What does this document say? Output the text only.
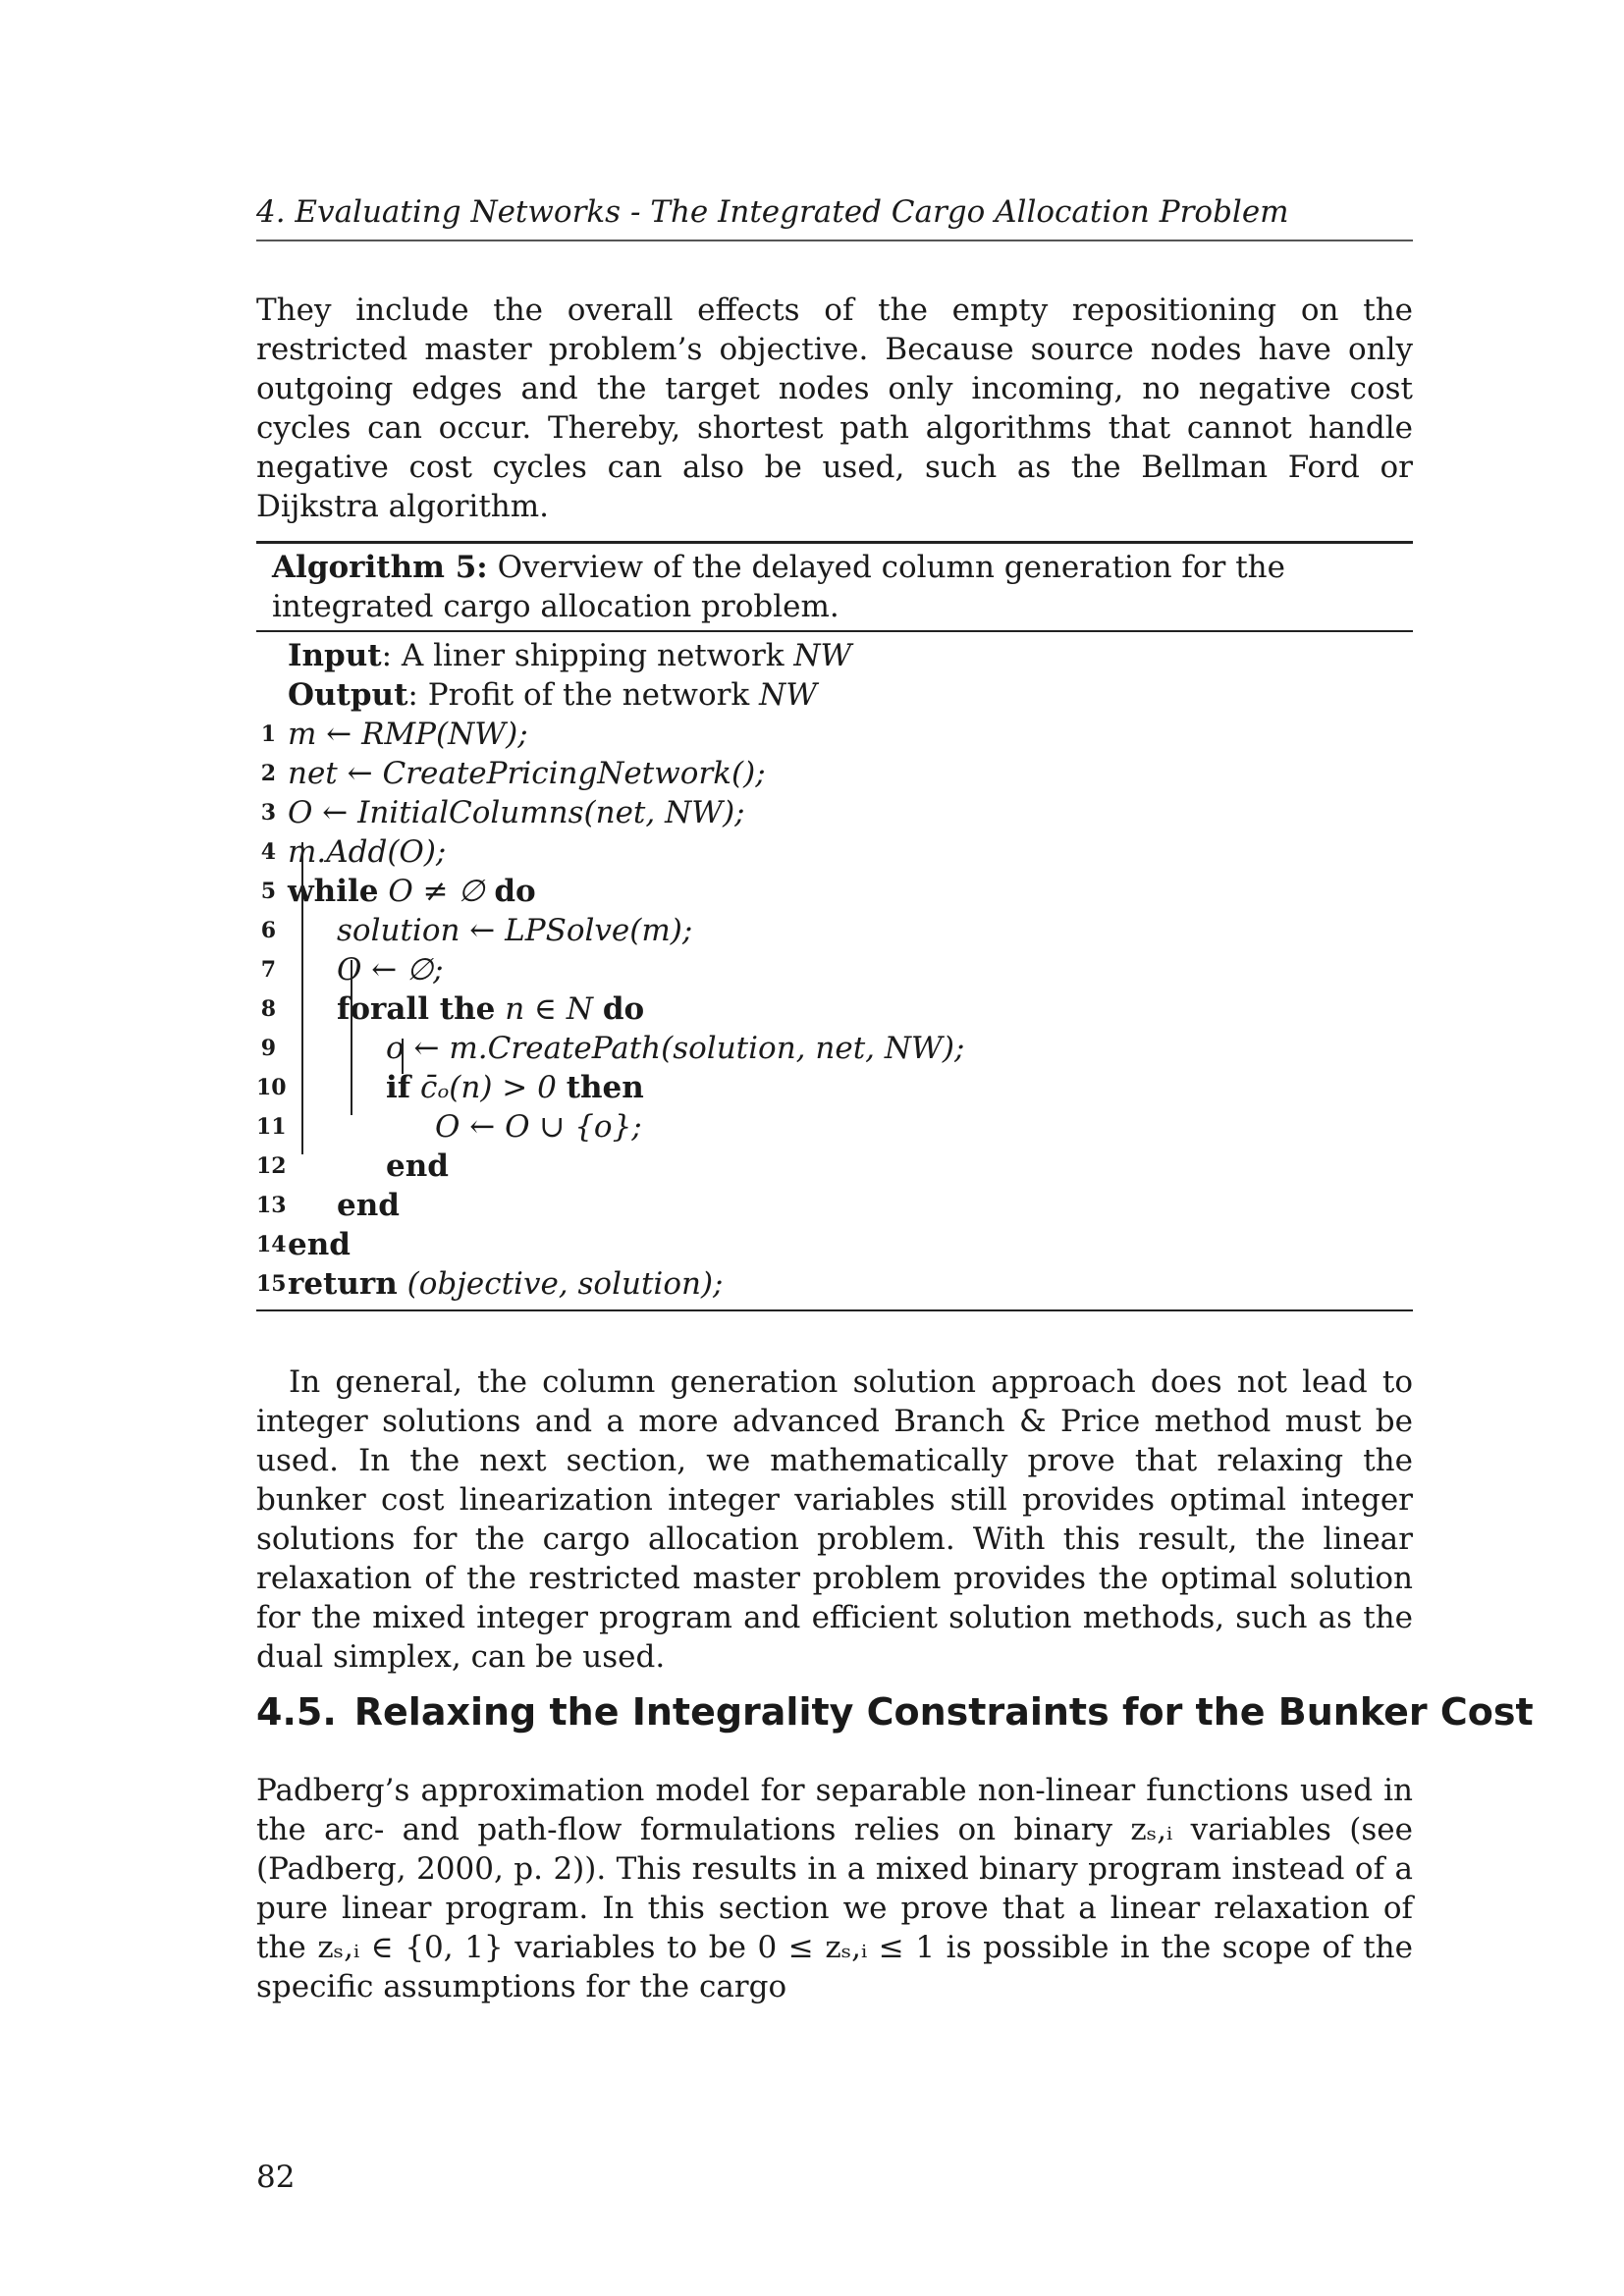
4. Evaluating Networks - The Integrated Cargo Allocation Problem

They include the overall effects of the empty repositioning on the restricted master problem’s objective. Because source nodes have only outgoing edges and the target nodes only incoming, no negative cost cycles can occur. Thereby, shortest path algorithms that cannot handle negative cost cycles can also be used, such as the Bellman Ford or Dijkstra algorithm.

Algorithm 5: Overview of the delayed column generation for the integrated cargo allocation problem.
Input: A liner shipping network NW
Output: Profit of the network NW
1 m ← RMP(NW);
2 net ← CreatePricingNetwork();
3 O ← InitialColumns(net, NW);
4 m.Add(O);
5 while O ≠ ∅ do
6 solution ← LPSolve(m);
7 O ← ∅;
8 forall the n ∈ N do
9	o ← m.CreatePath(solution, net, NW);
10	if c̄ₒ(n) > 0 then
11	O ← O ∪ {o};
12	end
13 end
14 end
15 return (objective, solution);

In general, the column generation solution approach does not lead to integer solutions and a more advanced Branch & Price method must be used. In the next section, we mathematically prove that relaxing the bunker cost linearization integer variables still provides optimal integer solutions for the cargo allocation problem. With this result, the linear relaxation of the restricted master problem provides the optimal solution for the mixed integer program and efficient solution methods, such as the dual simplex, can be used.

4.5. Relaxing the Integrality Constraints for the Bunker Cost

Padberg’s approximation model for separable non-linear functions used in the arc- and path-flow formulations relies on binary zₛ,ᵢ variables (see (Padberg, 2000, p. 2)). This results in a mixed binary program instead of a pure linear program. In this section we prove that a linear relaxation of the zₛ,ᵢ ∈ {0, 1} variables to be 0 ≤ zₛ,ᵢ ≤ 1 is possible in the scope of the specific assumptions for the cargo

82
